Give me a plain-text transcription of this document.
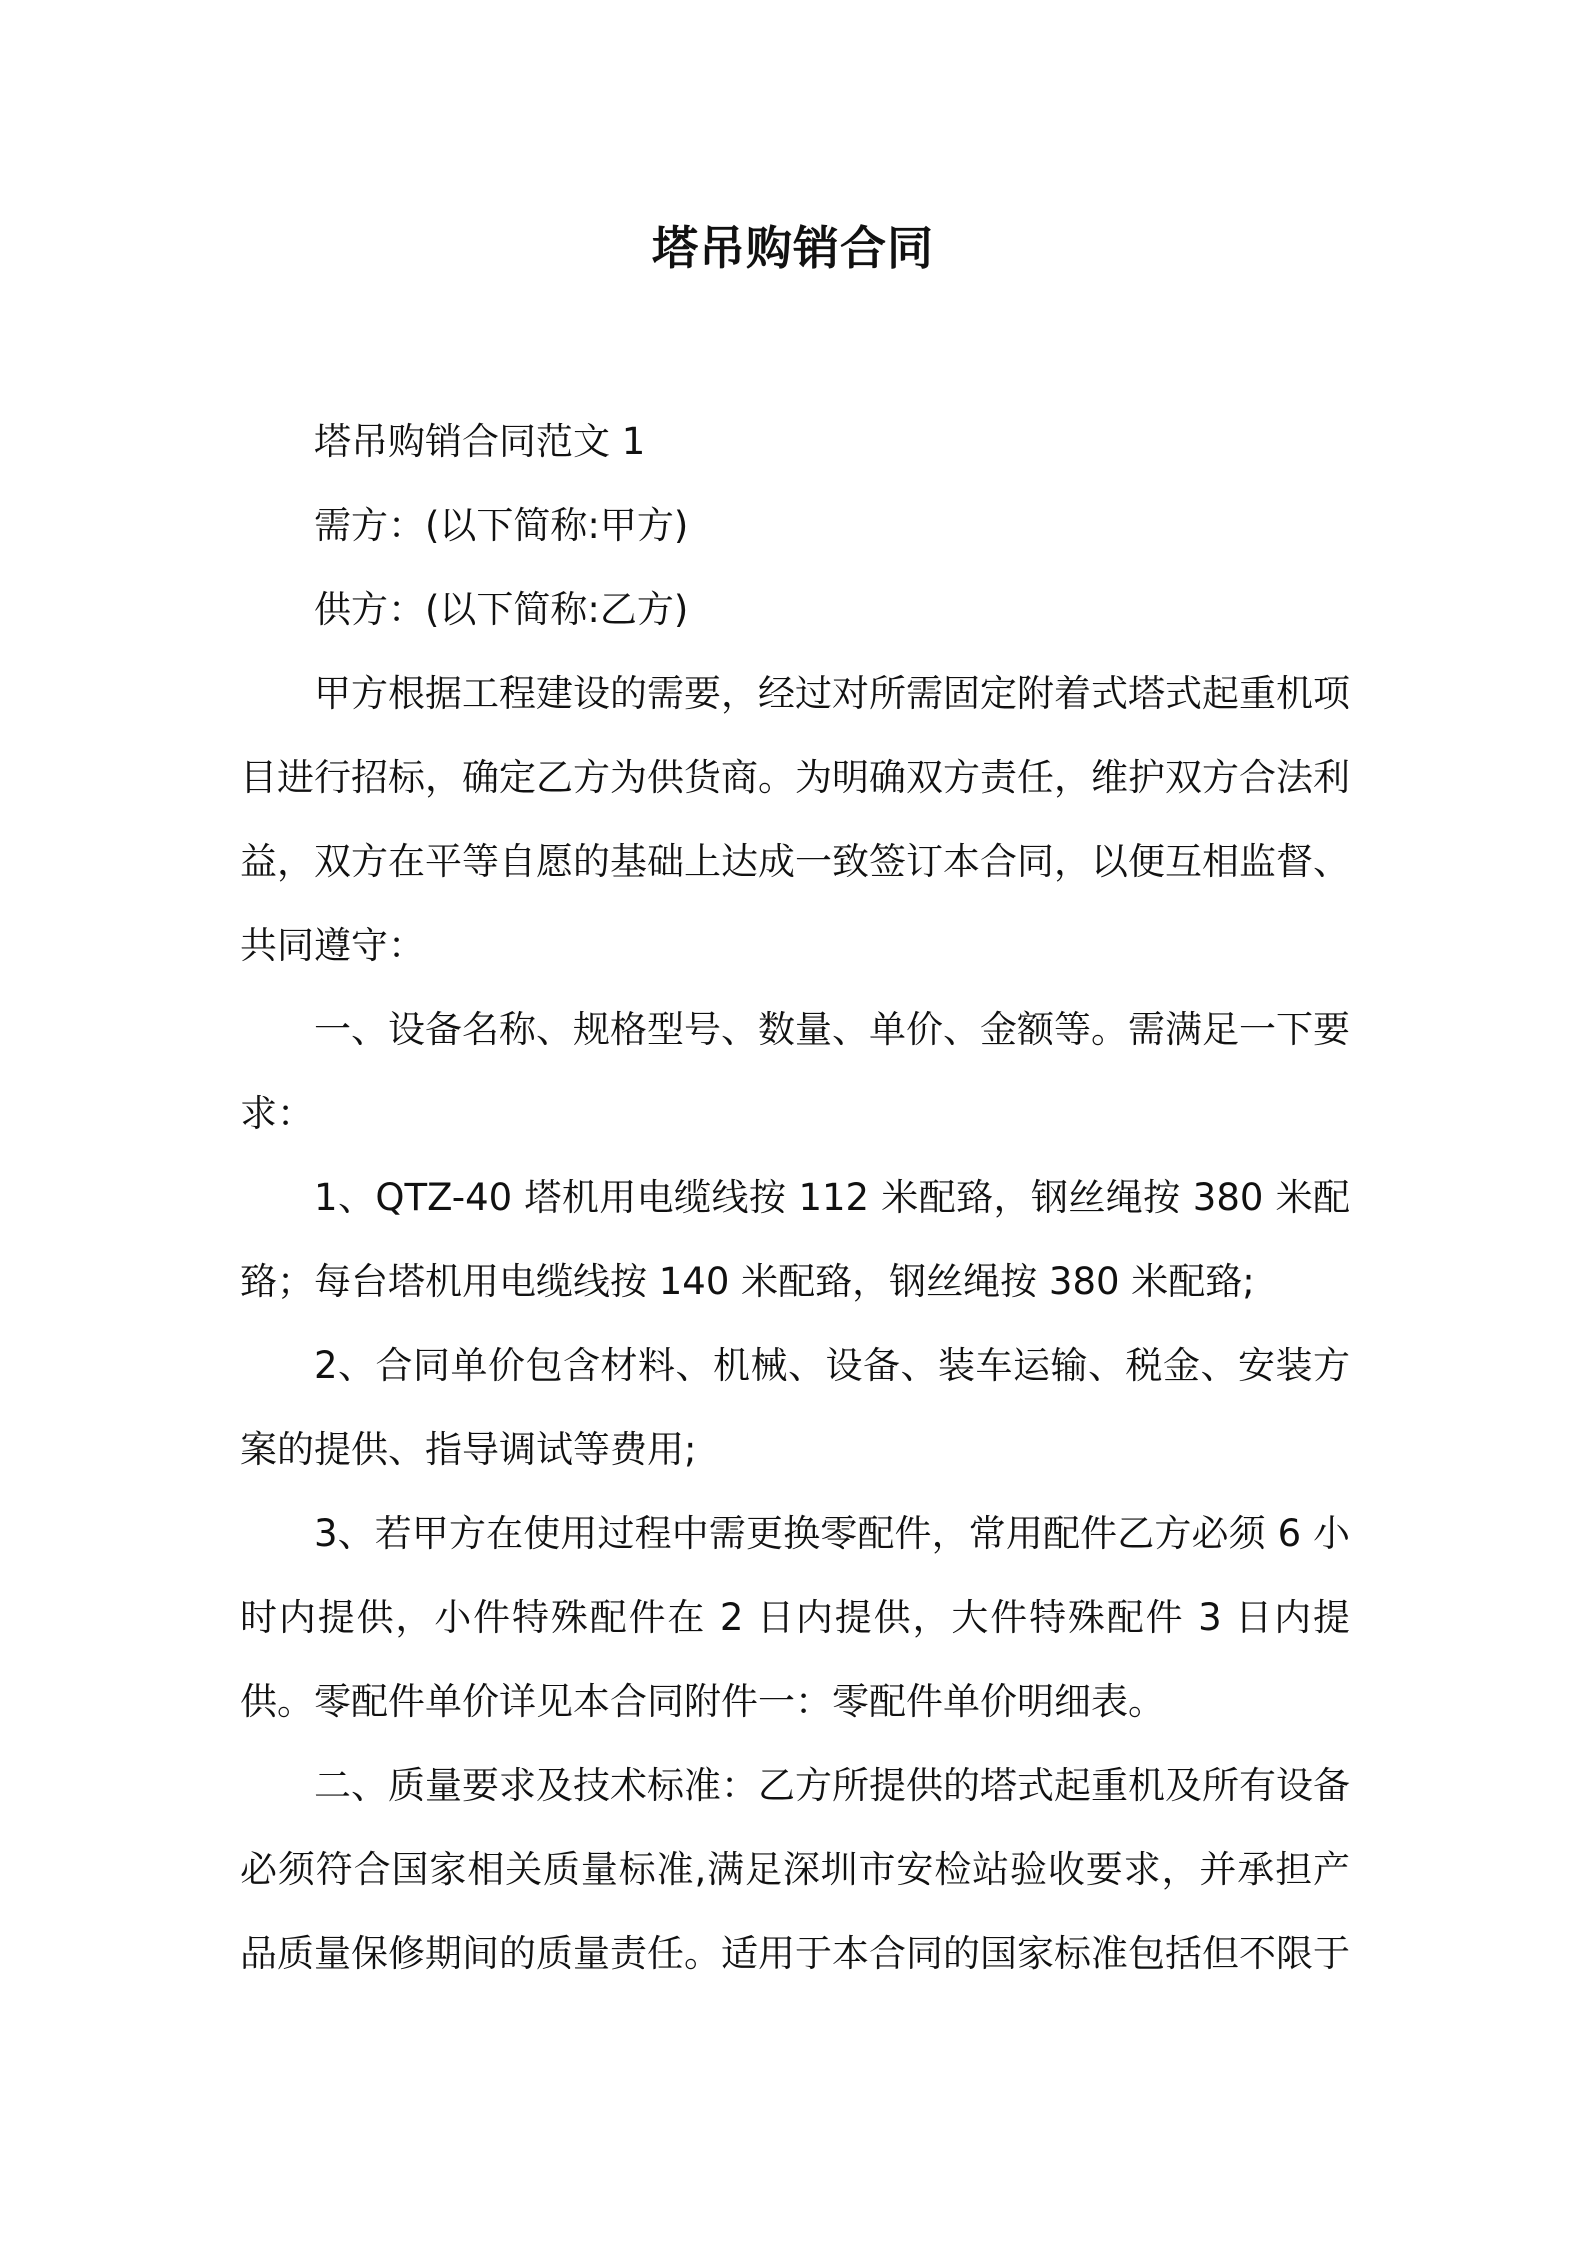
塔吊购销合同

塔吊购销合同范文 1

需方：(以下简称:甲方)

供方：(以下简称:乙方)

甲方根据工程建设的需要，经过对所需固定附着式塔式起重机项目进行招标，确定乙方为供货商。为明确双方责任，维护双方合法利益，双方在平等自愿的基础上达成一致签订本合同，以便互相监督、共同遵守：

一、设备名称、规格型号、数量、单价、金额等。需满足一下要求：

1、QTZ-40 塔机用电缆线按 112 米配臵，钢丝绳按 380 米配臵；每台塔机用电缆线按 140 米配臵，钢丝绳按 380 米配臵;

2、合同单价包含材料、机械、设备、装车运输、税金、安装方案的提供、指导调试等费用;

3、若甲方在使用过程中需更换零配件，常用配件乙方必须 6 小时内提供，小件特殊配件在 2 日内提供，大件特殊配件 3 日内提供。零配件单价详见本合同附件一：零配件单价明细表。

二、质量要求及技术标准：乙方所提供的塔式起重机及所有设备必须符合国家相关质量标准,满足深圳市安检站验收要求，并承担产品质量保修期间的质量责任。适用于本合同的国家标准包括但不限于
